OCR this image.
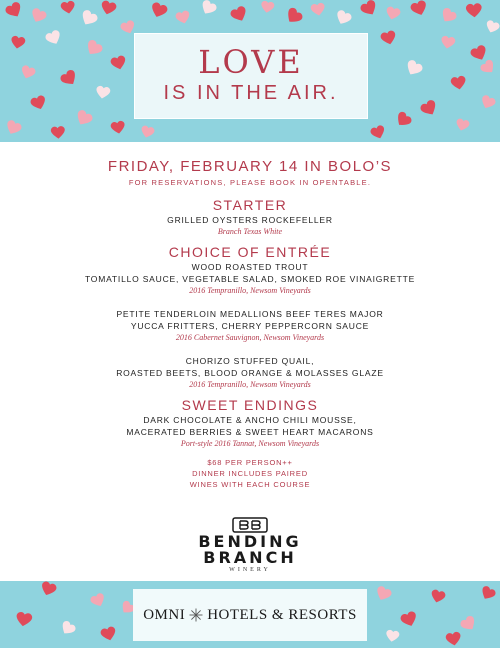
LOVE
IS IN THE AIR.
FRIDAY, FEBRUARY 14 IN BOLO’S
FOR RESERVATIONS, PLEASE BOOK IN OPENTABLE.
STARTER
GRILLED OYSTERS ROCKEFELLER
Branch Texas White
CHOICE OF ENTRÉE
WOOD ROASTED TROUT
TOMATILLO SAUCE, VEGETABLE SALAD, SMOKED ROE VINAIGRETTE
2016 Tempranillo, Newsom Vineyards
PETITE TENDERLOIN MEDALLIONS BEEF TERES MAJOR
YUCCA FRITTERS, CHERRY PEPPERCORN SAUCE
2016 Cabernet Sauvignon, Newsom Vineyards
CHORIZO STUFFED QUAIL,
ROASTED BEETS, BLOOD ORANGE & MOLASSES GLAZE
2016 Tempranillo, Newsom Vineyards
SWEET ENDINGS
DARK CHOCOLATE & ANCHO CHILI MOUSSE,
MACERATED BERRIES & SWEET HEART MACARONS
Port-style 2016 Tannat, Newsom Vineyards
$68 PER PERSON++
DINNER INCLUDES PAIRED
WINES WITH EACH COURSE
BENDING
BRANCH
WINERY
OMNI HOTELS & RESORTS
